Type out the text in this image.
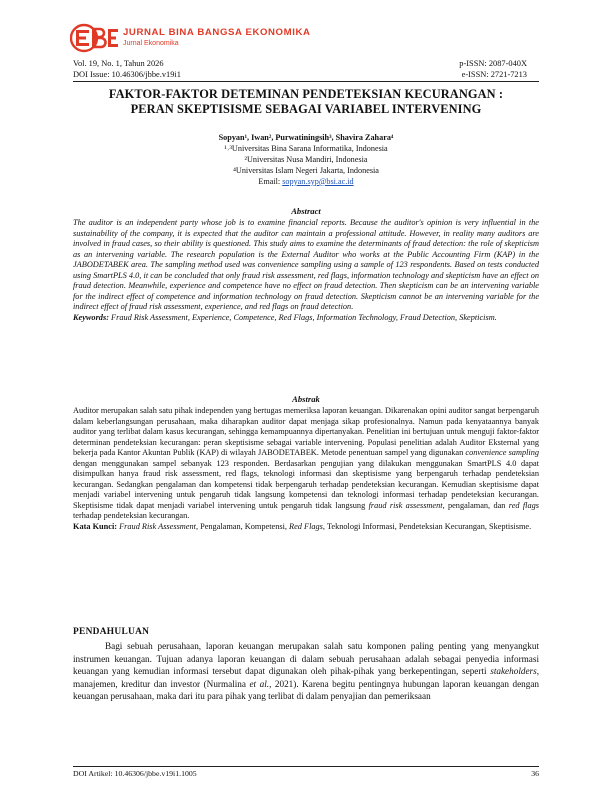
JURNAL BINA BANGSA EKONOMIKA
Jurnal Ekonomika
Vol. 19, No. 1, Tahun 2026
DOI Issue: 10.46306/jbbe.v19i1
p-ISSN: 2087-040X
e-ISSN: 2721-7213
FAKTOR-FAKTOR DETEMINAN PENDETEKSIAN KECURANGAN :
PERAN SKEPTISISME SEBAGAI VARIABEL INTERVENING
Sopyan¹, Iwan², Purwatiningsih³, Shavira Zahara⁴
¹˒³Universitas Bina Sarana Informatika, Indonesia
²Universitas Nusa Mandiri, Indonesia
⁴Universitas Islam Negeri Jakarta, Indonesia
Email: sopyan.syp@bsi.ac.id
Abstract
The auditor is an independent party whose job is to examine financial reports. Because the auditor's opinion is very influential in the sustainability of the company, it is expected that the auditor can maintain a professional attitude. However, in reality many auditors are involved in fraud cases, so their ability is questioned. This study aims to examine the determinants of fraud detection: the role of skepticism as an intervening variable. The research population is the External Auditor who works at the Public Accounting Firm (KAP) in the JABODETABEK area. The sampling method used was convenience sampling using a sample of 123 respondents. Based on tests conducted using SmartPLS 4.0, it can be concluded that only fraud risk assessment, red flags, information technology and skepticism have an effect on fraud detection. Meanwhile, experience and competence have no effect on fraud detection. Then skepticism can be an intervening variable for the indirect effect of competence and information technology on fraud detection. Skepticism cannot be an intervening variable for the indirect effect of fraud risk assessment, experience, and red flags on fraud detection.
Keywords: Fraud Risk Assessment, Experience, Competence, Red Flags, Information Technology, Fraud Detection, Skepticism.
Abstrak
Auditor merupakan salah satu pihak independen yang bertugas memeriksa laporan keuangan. Dikarenakan opini auditor sangat berpengaruh dalam keberlangsungan perusahaan, maka diharapkan auditor dapat menjaga sikap profesionalnya. Namun pada kenyataannya banyak auditor yang terlibat dalam kasus kecurangan, sehingga kemampuannya dipertanyakan. Penelitian ini bertujuan untuk menguji faktor-faktor determinan pendeteksian kecurangan: peran skeptisisme sebagai variable intervening. Populasi penelitian adalah Auditor Eksternal yang bekerja pada Kantor Akuntan Publik (KAP) di wilayah JABODETABEK. Metode penentuan sampel yang digunakan convenience sampling dengan menggunakan sampel sebanyak 123 responden. Berdasarkan pengujian yang dilakukan menggunakan SmartPLS 4.0 dapat disimpulkan hanya fraud risk assessment, red flags, teknologi informasi dan skeptisisme yang berpengaruh terhadap pendeteksian kecurangan. Sedangkan pengalaman dan kompetensi tidak berpengaruh terhadap pendeteksian kecurangan. Kemudian skeptisisme dapat menjadi variabel intervening untuk pengaruh tidak langsung kompetensi dan teknologi informasi terhadap pendeteksian kecurangan. Skeptisisme tidak dapat menjadi variabel intervening untuk pengaruh tidak langsung fraud risk assessment, pengalaman, dan red flags terhadap pendeteksian kecurangan.
Kata Kunci: Fraud Risk Assessment, Pengalaman, Kompetensi, Red Flags, Teknologi Informasi, Pendeteksian Kecurangan, Skeptisisme.
PENDAHULUAN
Bagi sebuah perusahaan, laporan keuangan merupakan salah satu komponen paling penting yang menyangkut instrumen keuangan. Tujuan adanya laporan keuangan di dalam sebuah perusahaan adalah sebagai penyedia informasi keuangan yang kemudian informasi tersebut dapat digunakan oleh pihak-pihak yang berkepentingan, seperti stakeholders, manajemen, kreditur dan investor (Nurmalina et al., 2021). Karena begitu pentingnya hubungan laporan keuangan dengan keuangan perusahaan, maka dari itu para pihak yang terlibat di dalam penyajian dan pemeriksaan
DOI Artikel: 10.46306/jbbe.v19i1.1005	36
